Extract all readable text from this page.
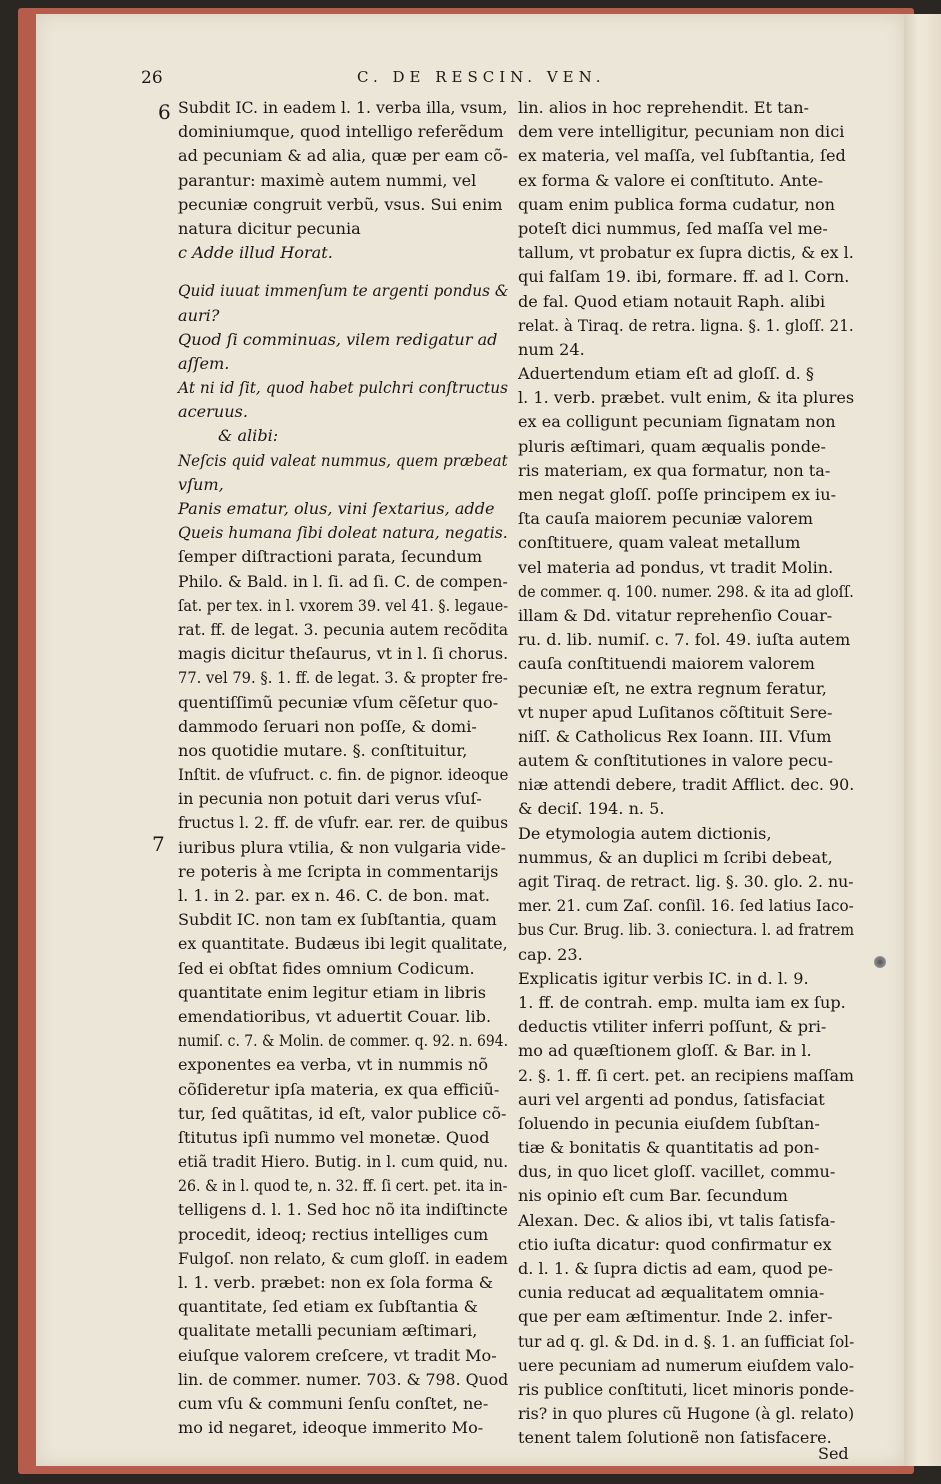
26	C. DE RESCIN. VEN.
6
7
Subdit IC. in eadem l. 1. verba illa, vsum,
dominiumque, quod intelligo referẽdum
ad pecuniam & ad alia, quæ per eam cõ-
parantur: maximè autem nummi, vel
pecuniæ congruit verbũ, vsus. Sui enim
natura dicitur pecunia
c Adde illud Horat.
Quid iuuat immenſum te argenti pondus &
auri?
Quod ſi comminuas, vilem redigatur ad
aſſem.
At ni id ſit, quod habet pulchri conſtructus
aceruus.
& alibi:
Neſcis quid valeat nummus, quem præbeat
vſum,
Panis ematur, olus, vini ſextarius, adde
Queis humana ſibi doleat natura, negatis.
ſemper diſtractioni parata, ſecundum
Philo. & Bald. in l. ſi. ad ſi. C. de compen-
ſat. per tex. in l. vxorem 39. vel 41. §. legaue-
rat. ff. de legat. 3. pecunia autem recõdita
magis dicitur theſaurus, vt in l. ſi chorus.
77. vel 79. §. 1. ff. de legat. 3. & propter fre-
quentiſſimũ pecuniæ vſum cẽſetur quo-
dammodo ſeruari non poſſe, & domi-
nos quotidie mutare. §. conſtituitur,
Inſtit. de vſufruct. c. fin. de pignor. ideoque
in pecunia non potuit dari verus vſuſ-
fructus l. 2. ff. de vſufr. ear. rer. de quibus
iuribus plura vtilia, & non vulgaria vide-
re poteris à me ſcripta in commentarijs
l. 1. in 2. par. ex n. 46. C. de bon. mat.
Subdit IC. non tam ex ſubſtantia, quam
ex quantitate. Budæus ibi legit qualitate,
ſed ei obſtat fides omnium Codicum.
quantitate enim legitur etiam in libris
emendatioribus, vt aduertit Couar. lib.
numiſ. c. 7. & Molin. de commer. q. 92. n. 694.
exponentes ea verba, vt in nummis nõ
cõſideretur ipſa materia, ex qua efficiũ-
tur, ſed quãtitas, id eſt, valor publice cõ-
ſtitutus ipſi nummo vel monetæ. Quod
etiã tradit Hiero. Butig. in l. cum quid, nu.
26. & in l. quod te, n. 32. ff. ſi cert. pet. ita in-
telligens d. l. 1. Sed hoc nõ ita indiſtincte
procedit, ideoq; rectius intelliges cum
Fulgoſ. non relato, & cum gloſſ. in eadem
l. 1. verb. præbet: non ex ſola forma &
quantitate, ſed etiam ex ſubſtantia &
qualitate metalli pecuniam æſtimari,
eiuſque valorem creſcere, vt tradit Mo-
lin. de commer. numer. 703. & 798. Quod
cum vſu & communi ſenſu conſtet, ne-
mo id negaret, ideoque immerito Mo-
lin. alios in hoc reprehendit. Et tan-
dem vere intelligitur, pecuniam non dici
ex materia, vel maſſa, vel ſubſtantia, ſed
ex forma & valore ei conſtituto. Ante-
quam enim publica forma cudatur, non
poteſt dici nummus, ſed maſſa vel me-
tallum, vt probatur ex ſupra dictis, & ex l.
qui falſam 19. ibi, formare. ff. ad l. Corn.
de fal. Quod etiam notauit Raph. alibi
relat. à Tiraq. de retra. ligna. §. 1. gloſſ. 21.
num 24.
Aduertendum etiam eſt ad gloſſ. d. §
l. 1. verb. præbet. vult enim, & ita plures
ex ea colligunt pecuniam ſignatam non
pluris æſtimari, quam æqualis ponde-
ris materiam, ex qua formatur, non ta-
men negat gloſſ. poſſe principem ex iu-
ſta cauſa maiorem pecuniæ valorem
conſtituere, quam valeat metallum
vel materia ad pondus, vt tradit Molin.
de commer. q. 100. numer. 298. & ita ad gloſſ.
illam & Dd. vitatur reprehenſio Couar-
ru. d. lib. numiſ. c. 7. fol. 49. iuſta autem
cauſa conſtituendi maiorem valorem
pecuniæ eſt, ne extra regnum feratur,
vt nuper apud Luſitanos cõſtituit Sere-
niſſ. & Catholicus Rex Ioann. III. Vſum
autem & conſtitutiones in valore pecu-
niæ attendi debere, tradit Afflict. dec. 90.
& deciſ. 194. n. 5.
De etymologia autem dictionis,
nummus, & an duplici m ſcribi debeat,
agit Tiraq. de retract. lig. §. 30. glo. 2. nu-
mer. 21. cum Zaſ. conſil. 16. ſed latius Iaco-
bus Cur. Brug. lib. 3. coniectura. l. ad fratrem
cap. 23.
Explicatis igitur verbis IC. in d. l. 9.
1. ff. de contrah. emp. multa iam ex ſup.
deductis vtiliter inferri poſſunt, & pri-
mo ad quæſtionem gloſſ. & Bar. in l.
2. §. 1. ff. ſi cert. pet. an recipiens maſſam
auri vel argenti ad pondus, ſatisfaciat
ſoluendo in pecunia eiuſdem ſubſtan-
tiæ & bonitatis & quantitatis ad pon-
dus, in quo licet gloſſ. vacillet, commu-
nis opinio eſt cum Bar. ſecundum
Alexan. Dec. & alios ibi, vt talis ſatisfa-
ctio iuſta dicatur: quod confirmatur ex
d. l. 1. & ſupra dictis ad eam, quod pe-
cunia reducat ad æqualitatem omnia-
que per eam æſtimentur. Inde 2. infer-
tur ad q. gl. & Dd. in d. §. 1. an ſufficiat ſol-
uere pecuniam ad numerum eiuſdem valo-
ris publice conſtituti, licet minoris ponde-
ris? in quo plures cũ Hugone (à gl. relato)
tenent talem ſolutionẽ non ſatisfacere.
Sed
